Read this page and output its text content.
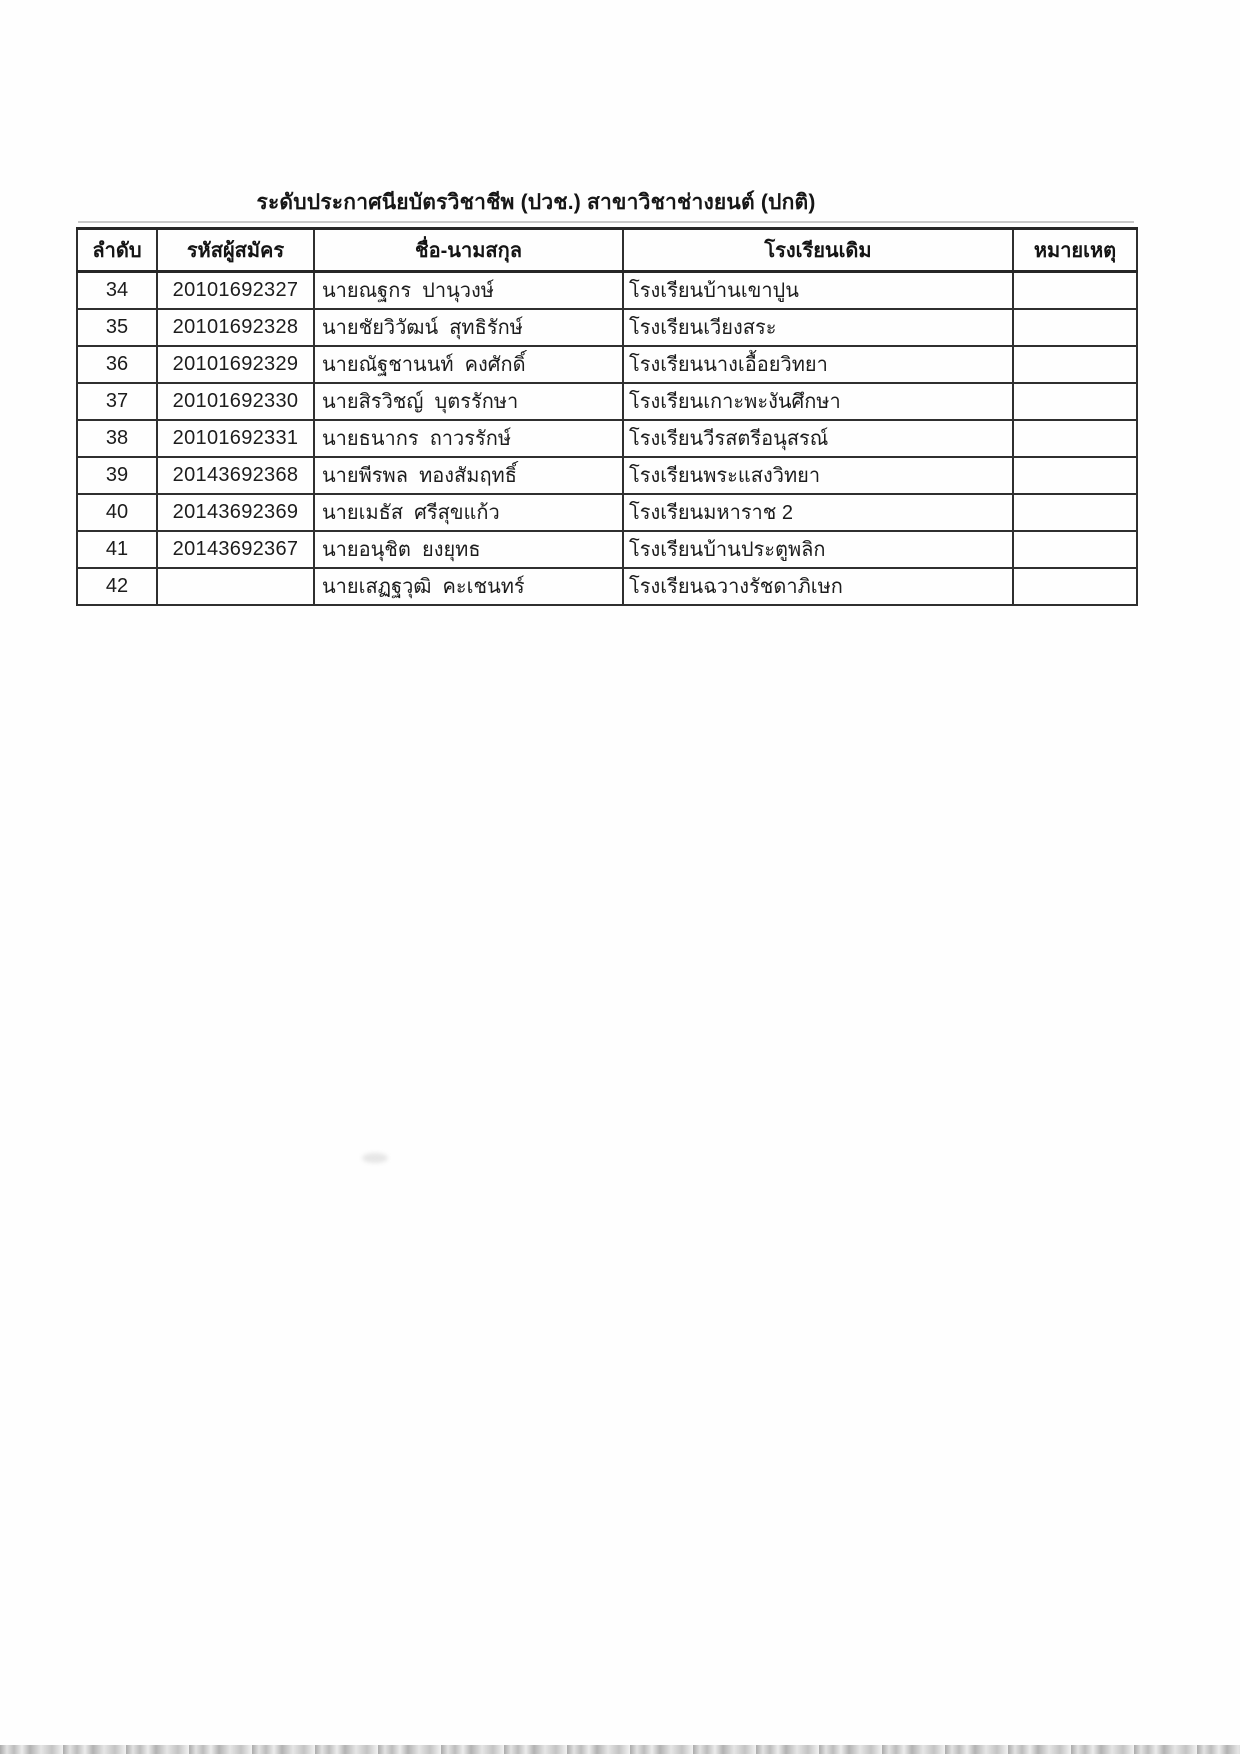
ระดับประกาศนียบัตรวิชาชีพ (ปวช.) สาขาวิชาช่างยนต์ (ปกติ)
ลำดับ	รหัสผู้สมัคร	ชื่อ-นามสกุล	โรงเรียนเดิม	หมายเหตุ
34	20101692327	นายณฐกร  ปานุวงษ์	โรงเรียนบ้านเขาปูน	
35	20101692328	นายชัยวิวัฒน์  สุทธิรักษ์	โรงเรียนเวียงสระ	
36	20101692329	นายณัฐชานนท์  คงศักดิ์	โรงเรียนนางเอื้อยวิทยา	
37	20101692330	นายสิรวิชญ์  บุตรรักษา	โรงเรียนเกาะพะงันศึกษา	
38	20101692331	นายธนากร  ถาวรรักษ์	โรงเรียนวีรสตรีอนุสรณ์	
39	20143692368	นายพีรพล  ทองสัมฤทธิ์	โรงเรียนพระแสงวิทยา	
40	20143692369	นายเมธัส  ศรีสุขแก้ว	โรงเรียนมหาราช 2	
41	20143692367	นายอนุชิต  ยงยุทธ	โรงเรียนบ้านประตูพลิก	
42		นายเสฏฐวุฒิ  คะเชนทร์	โรงเรียนฉวางรัชดาภิเษก	
